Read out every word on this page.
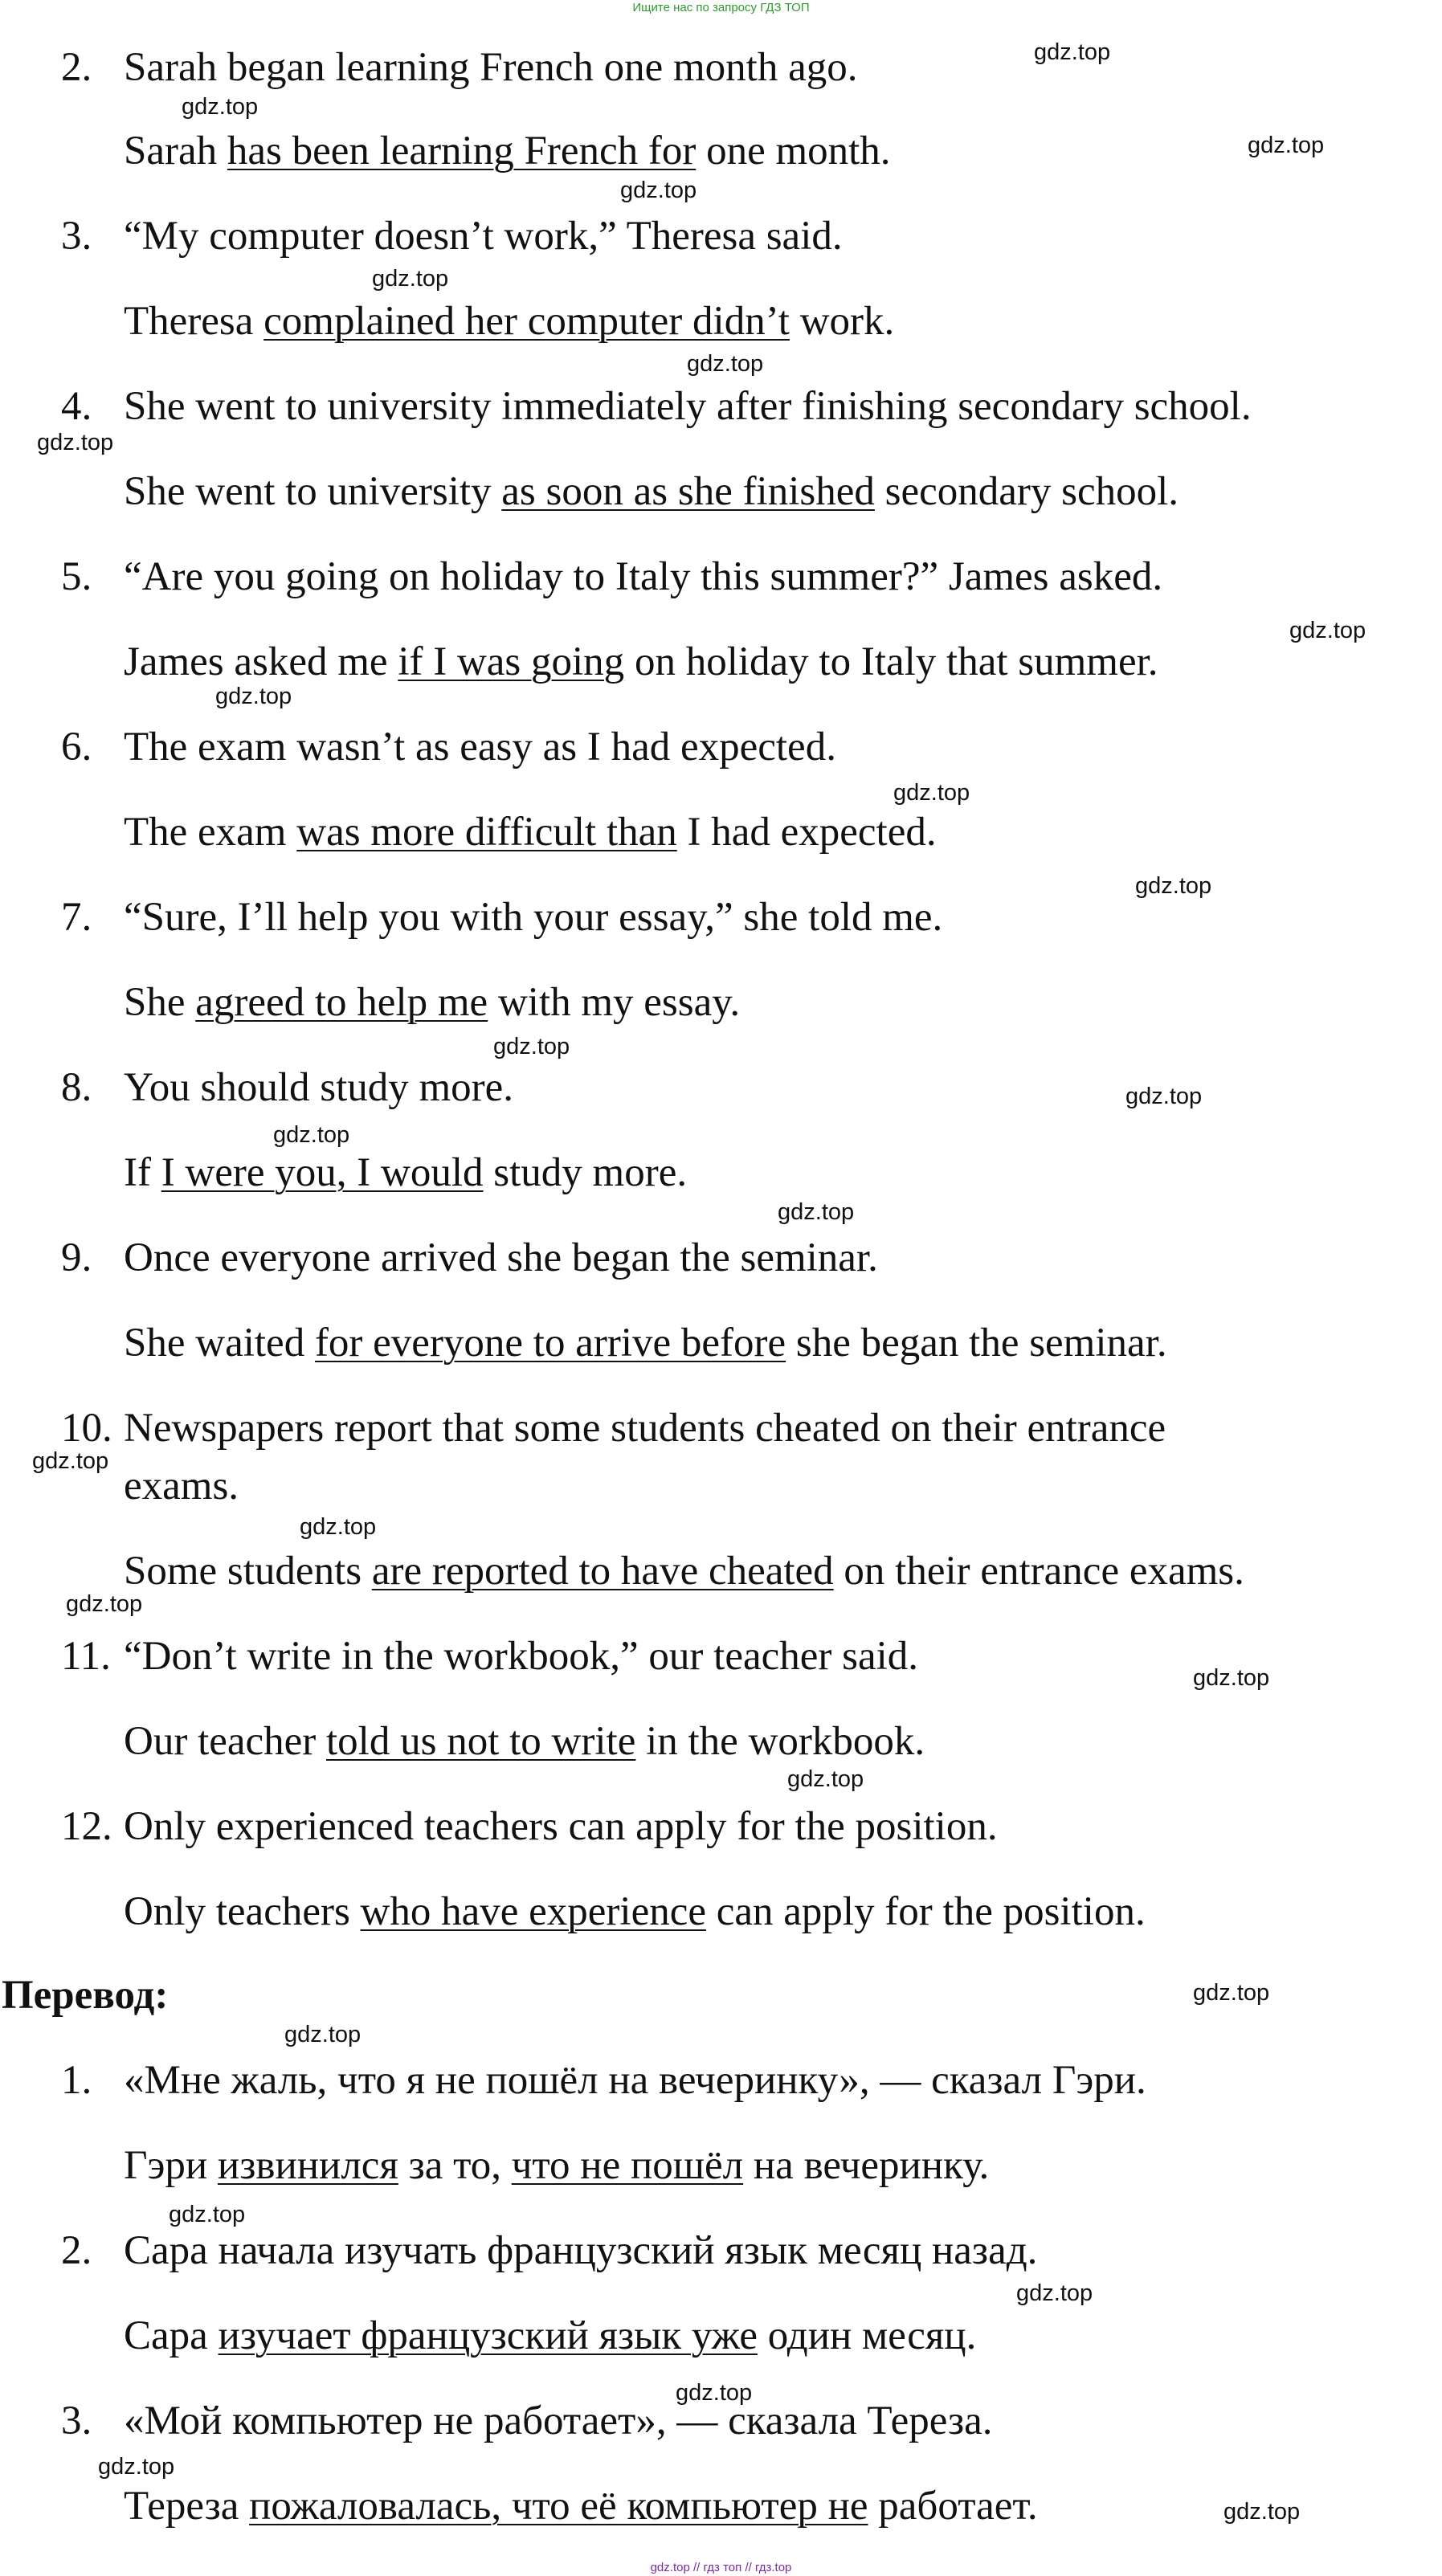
Ищите нас по запросу ГДЗ ТОП
2. Sarah began learning French one month ago.
Sarah has been learning French for one month.
3. “My computer doesn’t work,” Theresa said.
Theresa complained her computer didn’t work.
4. She went to university immediately after finishing secondary school.
She went to university as soon as she finished secondary school.
5. “Are you going on holiday to Italy this summer?” James asked.
James asked me if I was going on holiday to Italy that summer.
6. The exam wasn’t as easy as I had expected.
The exam was more difficult than I had expected.
7. “Sure, I’ll help you with your essay,” she told me.
She agreed to help me with my essay.
8. You should study more.
If I were you, I would study more.
9. Once everyone arrived she began the seminar.
She waited for everyone to arrive before she began the seminar.
10. Newspapers report that some students cheated on their entrance
exams.
Some students are reported to have cheated on their entrance exams.
11. “Don’t write in the workbook,” our teacher said.
Our teacher told us not to write in the workbook.
12. Only experienced teachers can apply for the position.
Only teachers who have experience can apply for the position.
Перевод:
1. «Мне жаль, что я не пошёл на вечеринку», — сказал Гэри.
Гэри извинился за то, что не пошёл на вечеринку.
2. Сара начала изучать французский язык месяц назад.
Сара изучает французский язык уже один месяц.
3. «Мой компьютер не работает», — сказала Тереза.
Тереза пожаловалась, что её компьютер не работает.
gdz.top
gdz.top
gdz.top
gdz.top
gdz.top
gdz.top
gdz.top
gdz.top
gdz.top
gdz.top
gdz.top
gdz.top
gdz.top
gdz.top
gdz.top
gdz.top
gdz.top
gdz.top
gdz.top
gdz.top
gdz.top
gdz.top
gdz.top
gdz.top
gdz.top
gdz.top
gdz.top
gdz.top // гдз топ // гдз.top
